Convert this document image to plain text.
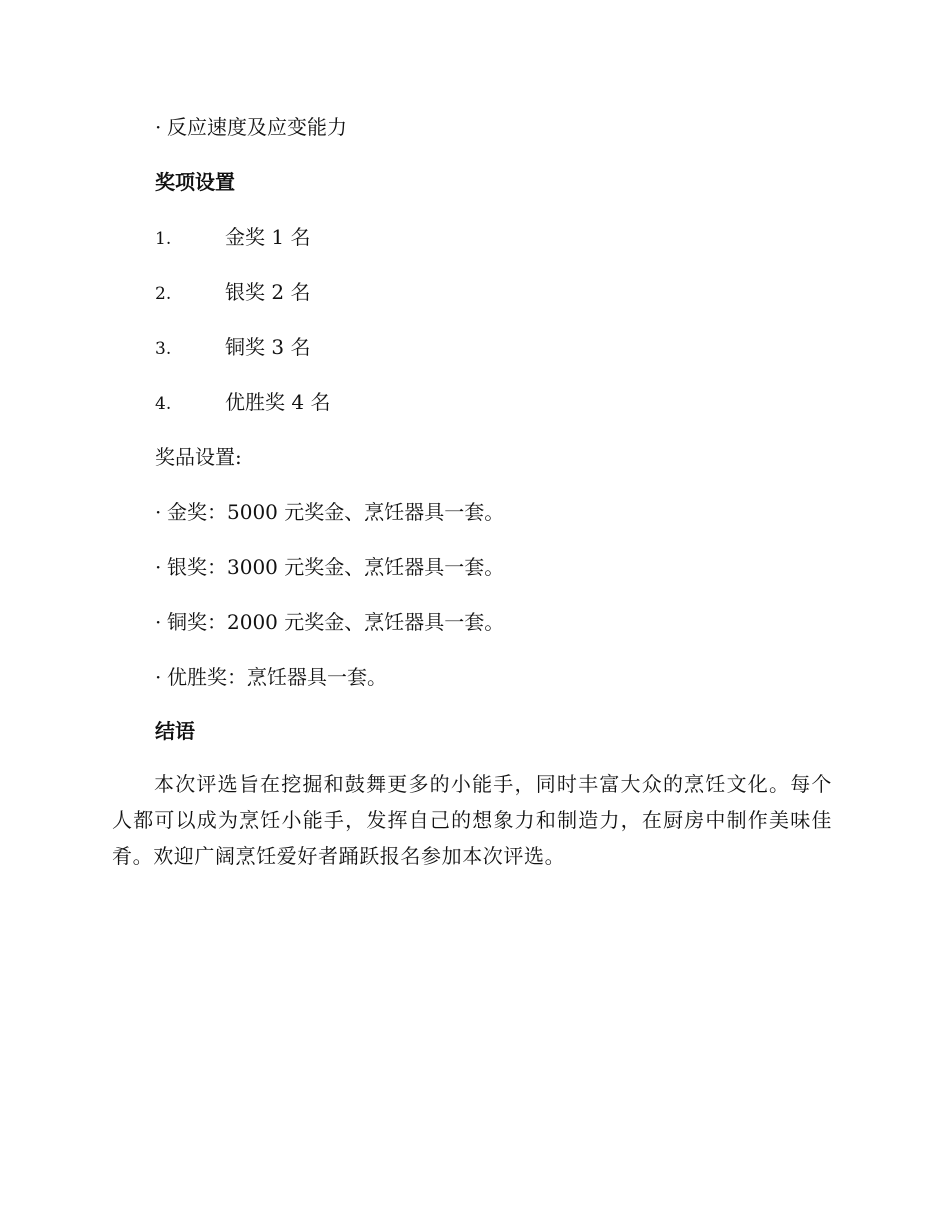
· 反应速度及应变能力
奖项设置
1.	金奖 1 名
2.	银奖 2 名
3.	铜奖 3 名
4.	优胜奖 4 名
奖品设置:
· 金奖：5000 元奖金、烹饪器具一套。
· 银奖：3000 元奖金、烹饪器具一套。
· 铜奖：2000 元奖金、烹饪器具一套。
· 优胜奖：烹饪器具一套。
结语
本次评选旨在挖掘和鼓舞更多的小能手，同时丰富大众的烹饪文化。每个人都可以成为烹饪小能手，发挥自己的想象力和制造力，在厨房中制作美味佳肴。欢迎广阔烹饪爱好者踊跃报名参加本次评选。
